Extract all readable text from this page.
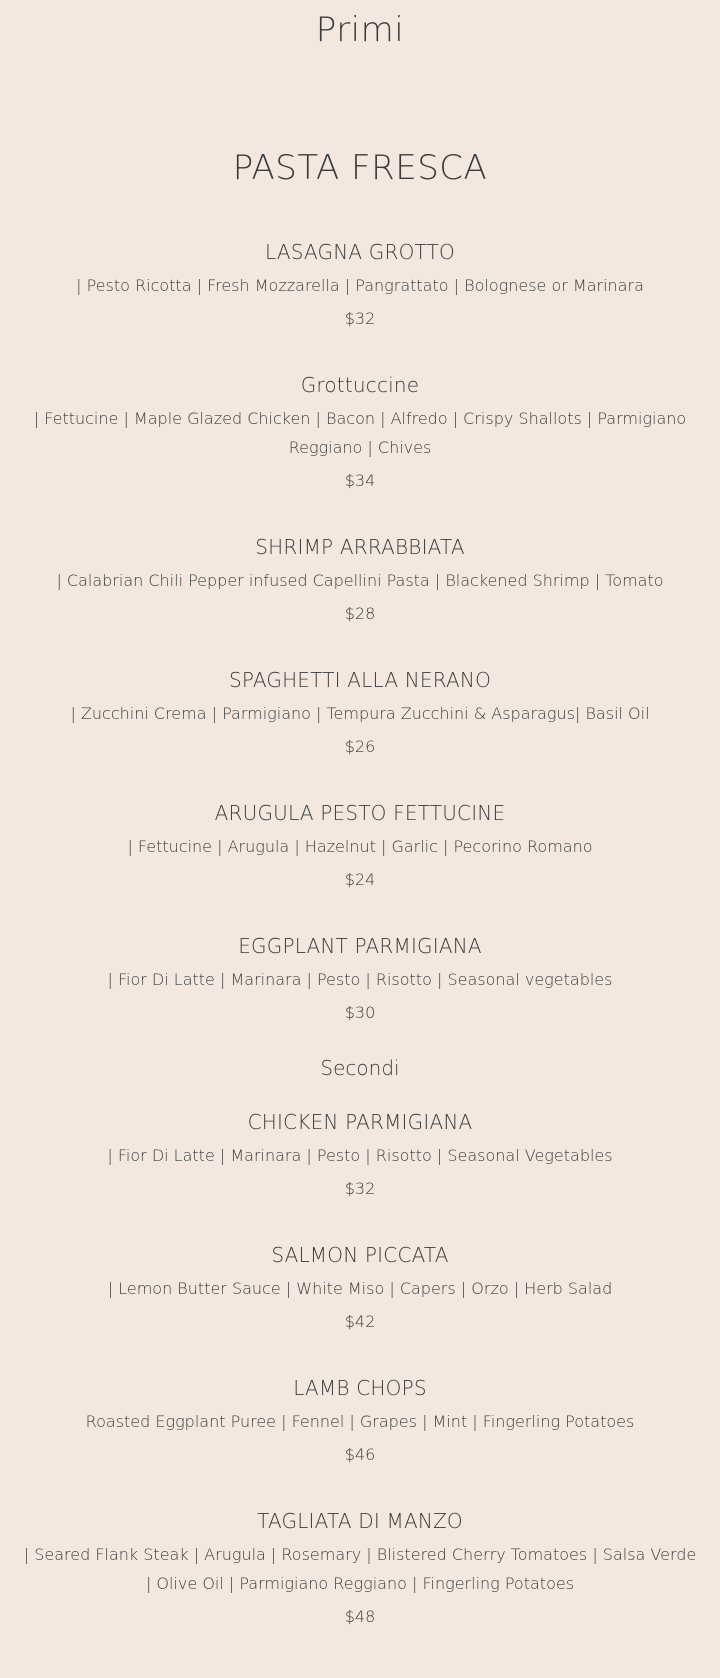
Primi
PASTA FRESCA
LASAGNA GROTTO
| Pesto Ricotta | Fresh Mozzarella | Pangrattato | Bolognese or Marinara
$32
Grottuccine
| Fettucine | Maple Glazed Chicken | Bacon | Alfredo | Crispy Shallots | Parmigiano Reggiano | Chives
$34
SHRIMP ARRABBIATA
| Calabrian Chili Pepper infused Capellini Pasta | Blackened Shrimp | Tomato
$28
SPAGHETTI ALLA NERANO
| Zucchini Crema | Parmigiano | Tempura Zucchini & Asparagus| Basil Oil
$26
ARUGULA PESTO FETTUCINE
| Fettucine | Arugula | Hazelnut | Garlic | Pecorino Romano
$24
EGGPLANT PARMIGIANA
| Fior Di Latte | Marinara | Pesto | Risotto | Seasonal vegetables
$30
Secondi
CHICKEN PARMIGIANA
| Fior Di Latte | Marinara | Pesto | Risotto | Seasonal Vegetables
$32
SALMON PICCATA
| Lemon Butter Sauce | White Miso | Capers | Orzo | Herb Salad
$42
LAMB CHOPS
Roasted Eggplant Puree | Fennel | Grapes | Mint | Fingerling Potatoes
$46
TAGLIATA DI MANZO
| Seared Flank Steak | Arugula | Rosemary | Blistered Cherry Tomatoes | Salsa Verde | Olive Oil | Parmigiano Reggiano | Fingerling Potatoes
$48
